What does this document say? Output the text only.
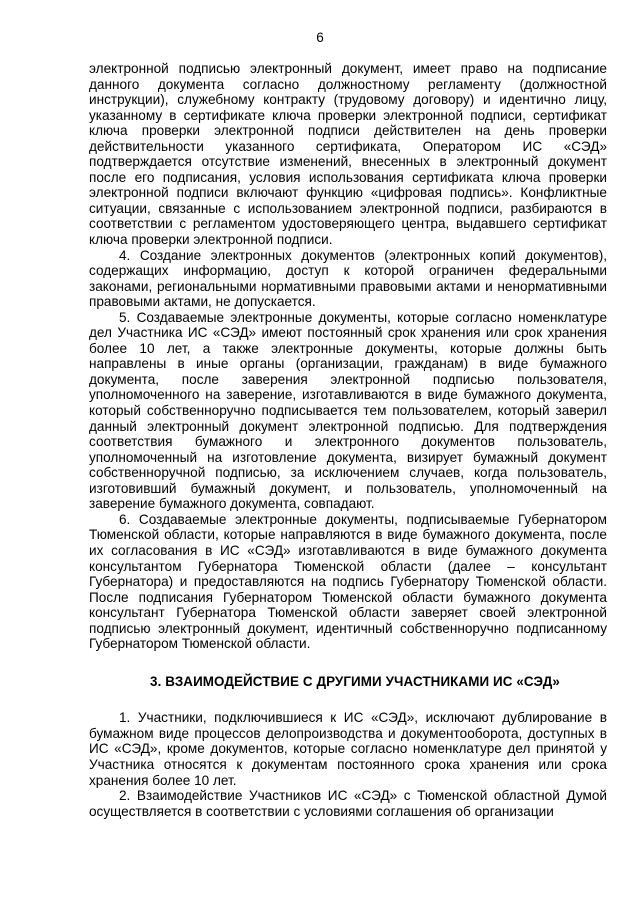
6

электронной подписью электронный документ, имеет право на подписание данного документа согласно должностному регламенту (должностной инструкции), служебному контракту (трудовому договору) и идентично лицу, указанному в сертификате ключа проверки электронной подписи, сертификат ключа проверки электронной подписи действителен на день проверки действительности указанного сертификата, Оператором ИС «СЭД» подтверждается отсутствие изменений, внесенных в электронный документ после его подписания, условия использования сертификата ключа проверки электронной подписи включают функцию «цифровая подпись». Конфликтные ситуации, связанные с использованием электронной подписи, разбираются в соответствии с регламентом удостоверяющего центра, выдавшего сертификат ключа проверки электронной подписи.

4. Создание электронных документов (электронных копий документов), содержащих информацию, доступ к которой ограничен федеральными законами, региональными нормативными правовыми актами и ненормативными правовыми актами, не допускается.

5. Создаваемые электронные документы, которые согласно номенклатуре дел Участника ИС «СЭД» имеют постоянный срок хранения или срок хранения более 10 лет, а также электронные документы, которые должны быть направлены в иные органы (организации, гражданам) в виде бумажного документа, после заверения электронной подписью пользователя, уполномоченного на заверение, изготавливаются в виде бумажного документа, который собственноручно подписывается тем пользователем, который заверил данный электронный документ электронной подписью. Для подтверждения соответствия бумажного и электронного документов пользователь, уполномоченный на изготовление документа, визирует бумажный документ собственноручной подписью, за исключением случаев, когда пользователь, изготовивший бумажный документ, и пользователь, уполномоченный на заверение бумажного документа, совпадают.

6. Создаваемые электронные документы, подписываемые Губернатором Тюменской области, которые направляются в виде бумажного документа, после их согласования в ИС «СЭД» изготавливаются в виде бумажного документа консультантом Губернатора Тюменской области (далее – консультант Губернатора) и предоставляются на подпись Губернатору Тюменской области. После подписания Губернатором Тюменской области бумажного документа консультант Губернатора Тюменской области заверяет своей электронной подписью электронный документ, идентичный собственноручно подписанному Губернатором Тюменской области.

3. ВЗАИМОДЕЙСТВИЕ С ДРУГИМИ УЧАСТНИКАМИ ИС «СЭД»

1. Участники, подключившиеся к ИС «СЭД», исключают дублирование в бумажном виде процессов делопроизводства и документооборота, доступных в ИС «СЭД», кроме документов, которые согласно номенклатуре дел принятой у Участника относятся к документам постоянного срока хранения или срока хранения более 10 лет.

2. Взаимодействие Участников ИС «СЭД» с Тюменской областной Думой осуществляется в соответствии с условиями соглашения об организации
